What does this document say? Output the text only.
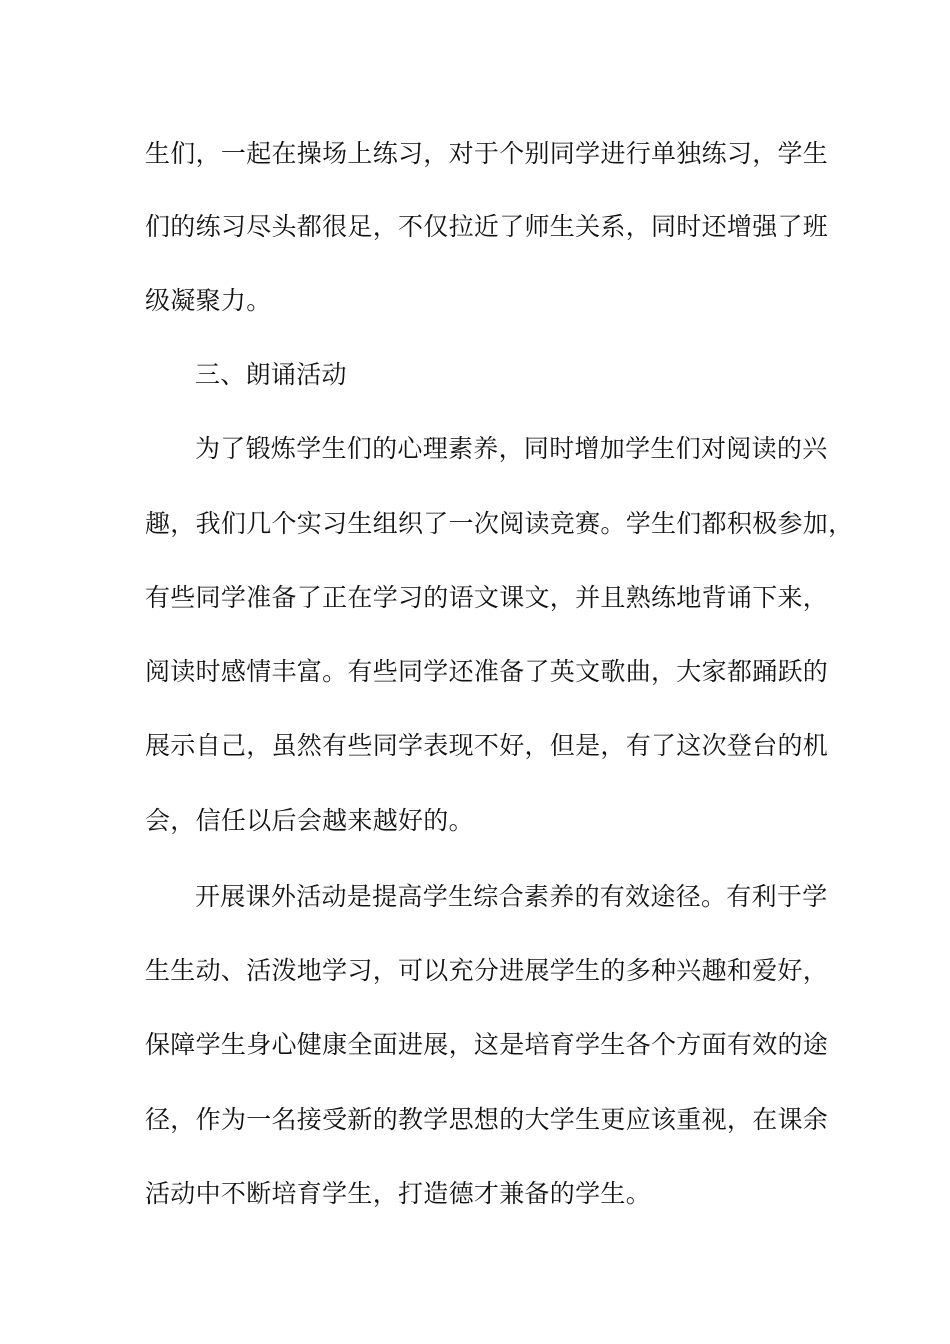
生们，一起在操场上练习，对于个别同学进行单独练习，学生
们的练习尽头都很足，不仅拉近了师生关系，同时还增强了班
级凝聚力。
三、朗诵活动
为了锻炼学生们的心理素养，同时增加学生们对阅读的兴
趣，我们几个实习生组织了一次阅读竞赛。学生们都积极参加，
有些同学准备了正在学习的语文课文，并且熟练地背诵下来，
阅读时感情丰富。有些同学还准备了英文歌曲，大家都踊跃的
展示自己，虽然有些同学表现不好，但是，有了这次登台的机
会，信任以后会越来越好的。
开展课外活动是提高学生综合素养的有效途径。有利于学
生生动、活泼地学习，可以充分进展学生的多种兴趣和爱好，
保障学生身心健康全面进展，这是培育学生各个方面有效的途
径，作为一名接受新的教学思想的大学生更应该重视，在课余
活动中不断培育学生，打造德才兼备的学生。
